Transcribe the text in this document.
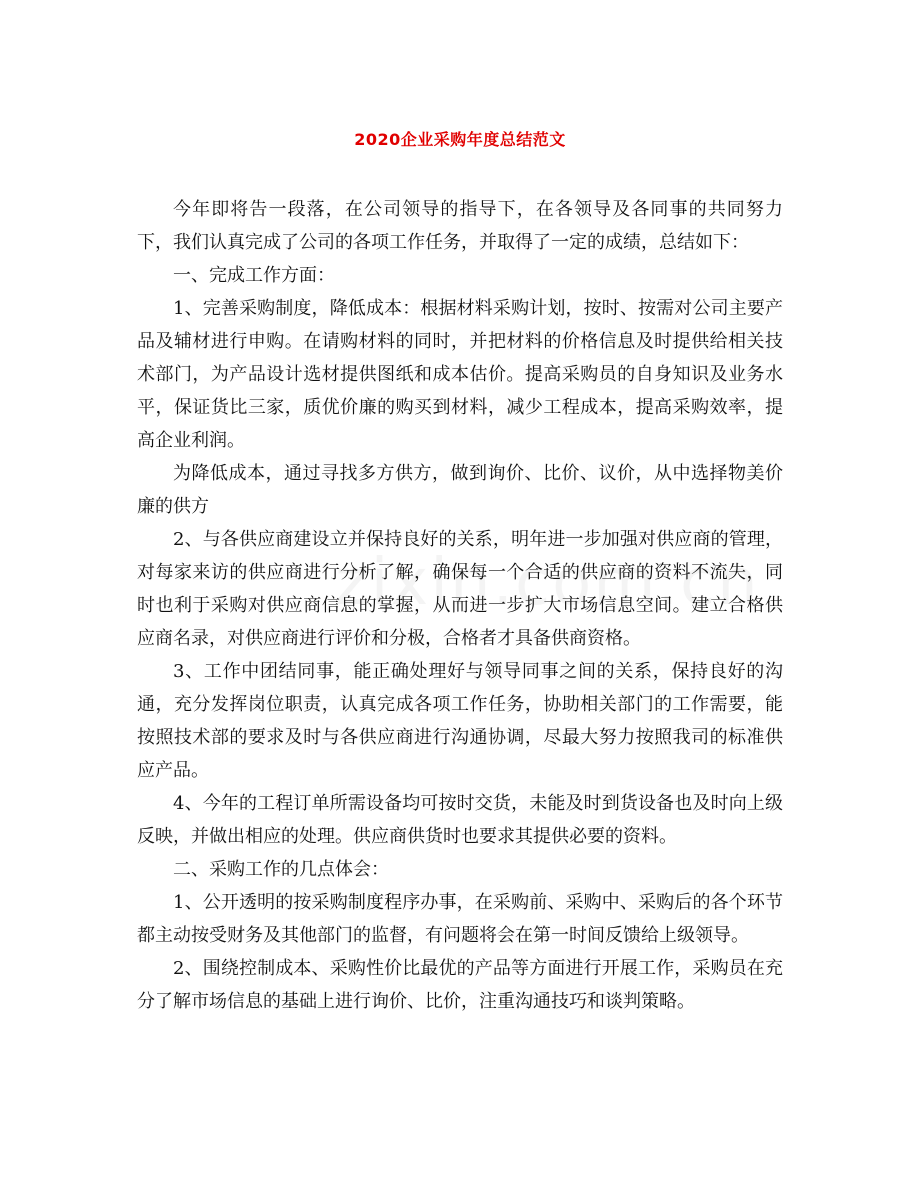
2020企业采购年度总结范文

今年即将告一段落，在公司领导的指导下，在各领导及各同事的共同努力下，我们认真完成了公司的各项工作任务，并取得了一定的成绩，总结如下：

一、完成工作方面：

1、完善采购制度，降低成本：根据材料采购计划，按时、按需对公司主要产品及辅材进行申购。在请购材料的同时，并把材料的价格信息及时提供给相关技术部门，为产品设计选材提供图纸和成本估价。提高采购员的自身知识及业务水平，保证货比三家，质优价廉的购买到材料，减少工程成本，提高采购效率，提高企业利润。

为降低成本，通过寻找多方供方，做到询价、比价、议价，从中选择物美价廉的供方

2、与各供应商建设立并保持良好的关系，明年进一步加强对供应商的管理，对每家来访的供应商进行分析了解，确保每一个合适的供应商的资料不流失，同时也利于采购对供应商信息的掌握，从而进一步扩大市场信息空间。建立合格供应商名录，对供应商进行评价和分极，合格者才具备供商资格。

3、工作中团结同事，能正确处理好与领导同事之间的关系，保持良好的沟通，充分发挥岗位职责，认真完成各项工作任务，协助相关部门的工作需要，能按照技术部的要求及时与各供应商进行沟通协调，尽最大努力按照我司的标准供应产品。

4、今年的工程订单所需设备均可按时交货，未能及时到货设备也及时向上级反映，并做出相应的处理。供应商供货时也要求其提供必要的资料。

二、采购工作的几点体会：

1、公开透明的按采购制度程序办事，在采购前、采购中、采购后的各个环节都主动按受财务及其他部门的监督，有问题将会在第一时间反馈给上级领导。

2、围绕控制成本、采购性价比最优的产品等方面进行开展工作，采购员在充分了解市场信息的基础上进行询价、比价，注重沟通技巧和谈判策略。
